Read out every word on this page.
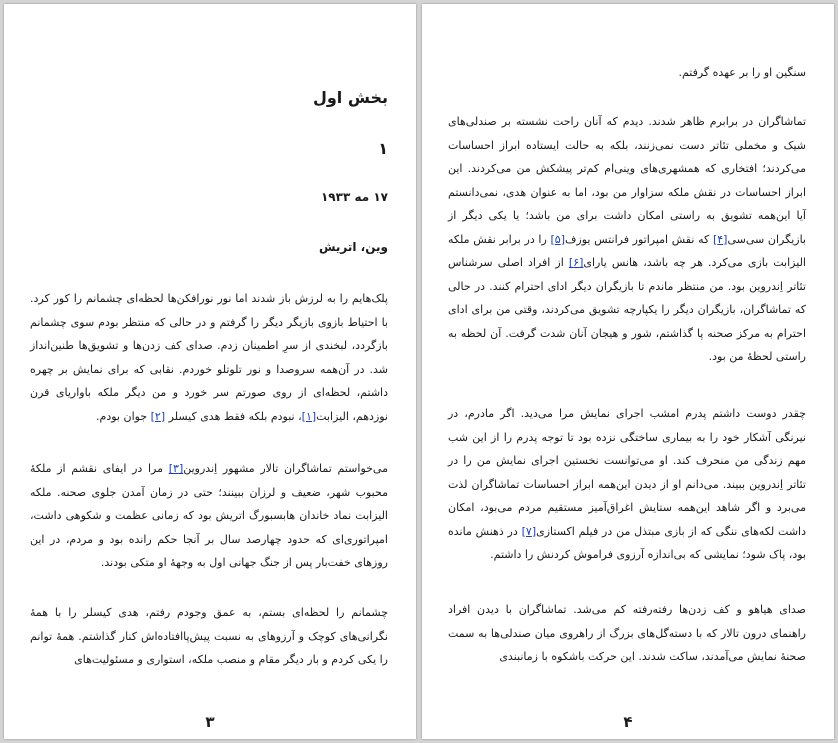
بخش اول
۱
۱۷ مه ۱۹۳۳
وین، اتریش

پلک‌هایم را به لرزش باز شدند اما نور نورافکن‌ها لحظه‌ای چشمانم را کور کرد. با احتیاط بازوی بازیگر دیگر را گرفتم و در حالی که منتظر بودم سوی چشمانم بازگردد، لبخندی از سرِ اطمینان زدم. صدای کف زدن‌ها و تشویق‌ها طنین‌انداز شد. در آن‌همه سروصدا و نور تلوتلو خوردم. نقابی که برای نمایش بر چهره داشتم، لحظه‌ای از روی صورتم سر خورد و من دیگر ملکه باواریای قرن نوزدهم، الیزابت[۱]، نبودم بلکه فقط هدی کیسلر [۲] جوان بودم.

می‌خواستم تماشاگران تالار مشهور اِندروین[۳] مرا در ایفای نقشم از ملکهٔ محبوب شهر، ضعیف و لرزان ببینند؛ حتی در زمان آمدن جلوی صحنه. ملکه الیزابت نماد خاندان هابسبورگ اتریش بود که زمانی عظمت و شکوهی داشت، امپراتوری‌ای که حدود چهارصد سال بر آنجا حکم رانده بود و مردم، در این روزهای خفت‌بار پس از جنگ جهانی اول به وجههٔ او متکی بودند.

چشمانم را لحظه‌ای بستم، به عمق وجودم رفتم، هدی کیسلر را با همهٔ نگرانی‌های کوچک و آرزوهای به نسبت پیش‌پاافتاده‌اش کنار گذاشتم. همهٔ توانم را یکی کردم و بار دیگر مقام و منصب ملکه، استواری و مسئولیت‌های

۳

سنگین او را بر عهده گرفتم.

تماشاگران در برابرم ظاهر شدند. دیدم که آنان راحت نشسته بر صندلی‌های شیک و مخملی تئاتر دست نمی‌زنند، بلکه به حالت ایستاده ابراز احساسات می‌کردند؛ افتخاری که همشهری‌های وینی‌ام کم‌تر پیشکش من می‌کردند. این ابراز احساسات در نقش ملکه سزاوار من بود، اما به عنوان هدی، نمی‌دانستم آیا این‌همه تشویق به راستی امکان داشت برای من باشد؛ یا یکی دیگر از بازیگران سی‌سی[۴] که نقش امپراتور فرانتس یوزف[۵] را در برابر نقش ملکه الیزابت بازی می‌کرد. هر چه باشد، هانس یارای[۶] از افراد اصلی سرشناس تئاتر اِندروین بود. من منتظر ماندم تا بازیگران دیگر ادای احترام کنند. در حالی که تماشاگران، بازیگران دیگر را یکپارچه تشویق می‌کردند، وقتی من برای ادای احترام به مرکز صحنه پا گذاشتم، شور و هیجان آنان شدت گرفت. آن لحظه به راستی لحظهٔ من بود.

چقدر دوست داشتم پدرم امشب اجرای نمایش مرا می‌دید. اگر مادرم، در نیرنگی آشکار خود را به بیماری ساختگی نزده بود تا توجه پدرم را از این شب مهم زندگی من منحرف کند. او می‌توانست نخستین اجرای نمایش من را در تئاتر اِندروین ببیند. می‌دانم او از دیدن این‌همه ابراز احساسات تماشاگران لذت می‌برد و اگر شاهد این‌همه ستایش اغراق‌آمیز مستقیم مردم می‌بود، امکان داشت لکه‌های ننگی که از بازی مبتذل من در فیلم اکستازی[۷] در ذهنش مانده بود، پاک شود؛ نمایشی که بی‌اندازه آرزوی فراموش کردنش را داشتم.

صدای هیاهو و کف زدن‌ها رفته‌رفته کم می‌شد. تماشاگران با دیدن افراد راهنمای درون تالار که با دسته‌گل‌های بزرگ از راهروی میان صندلی‌ها به سمت صحنهٔ نمایش می‌آمدند، ساکت شدند. این حرکت باشکوه با زمانبندی

۴
